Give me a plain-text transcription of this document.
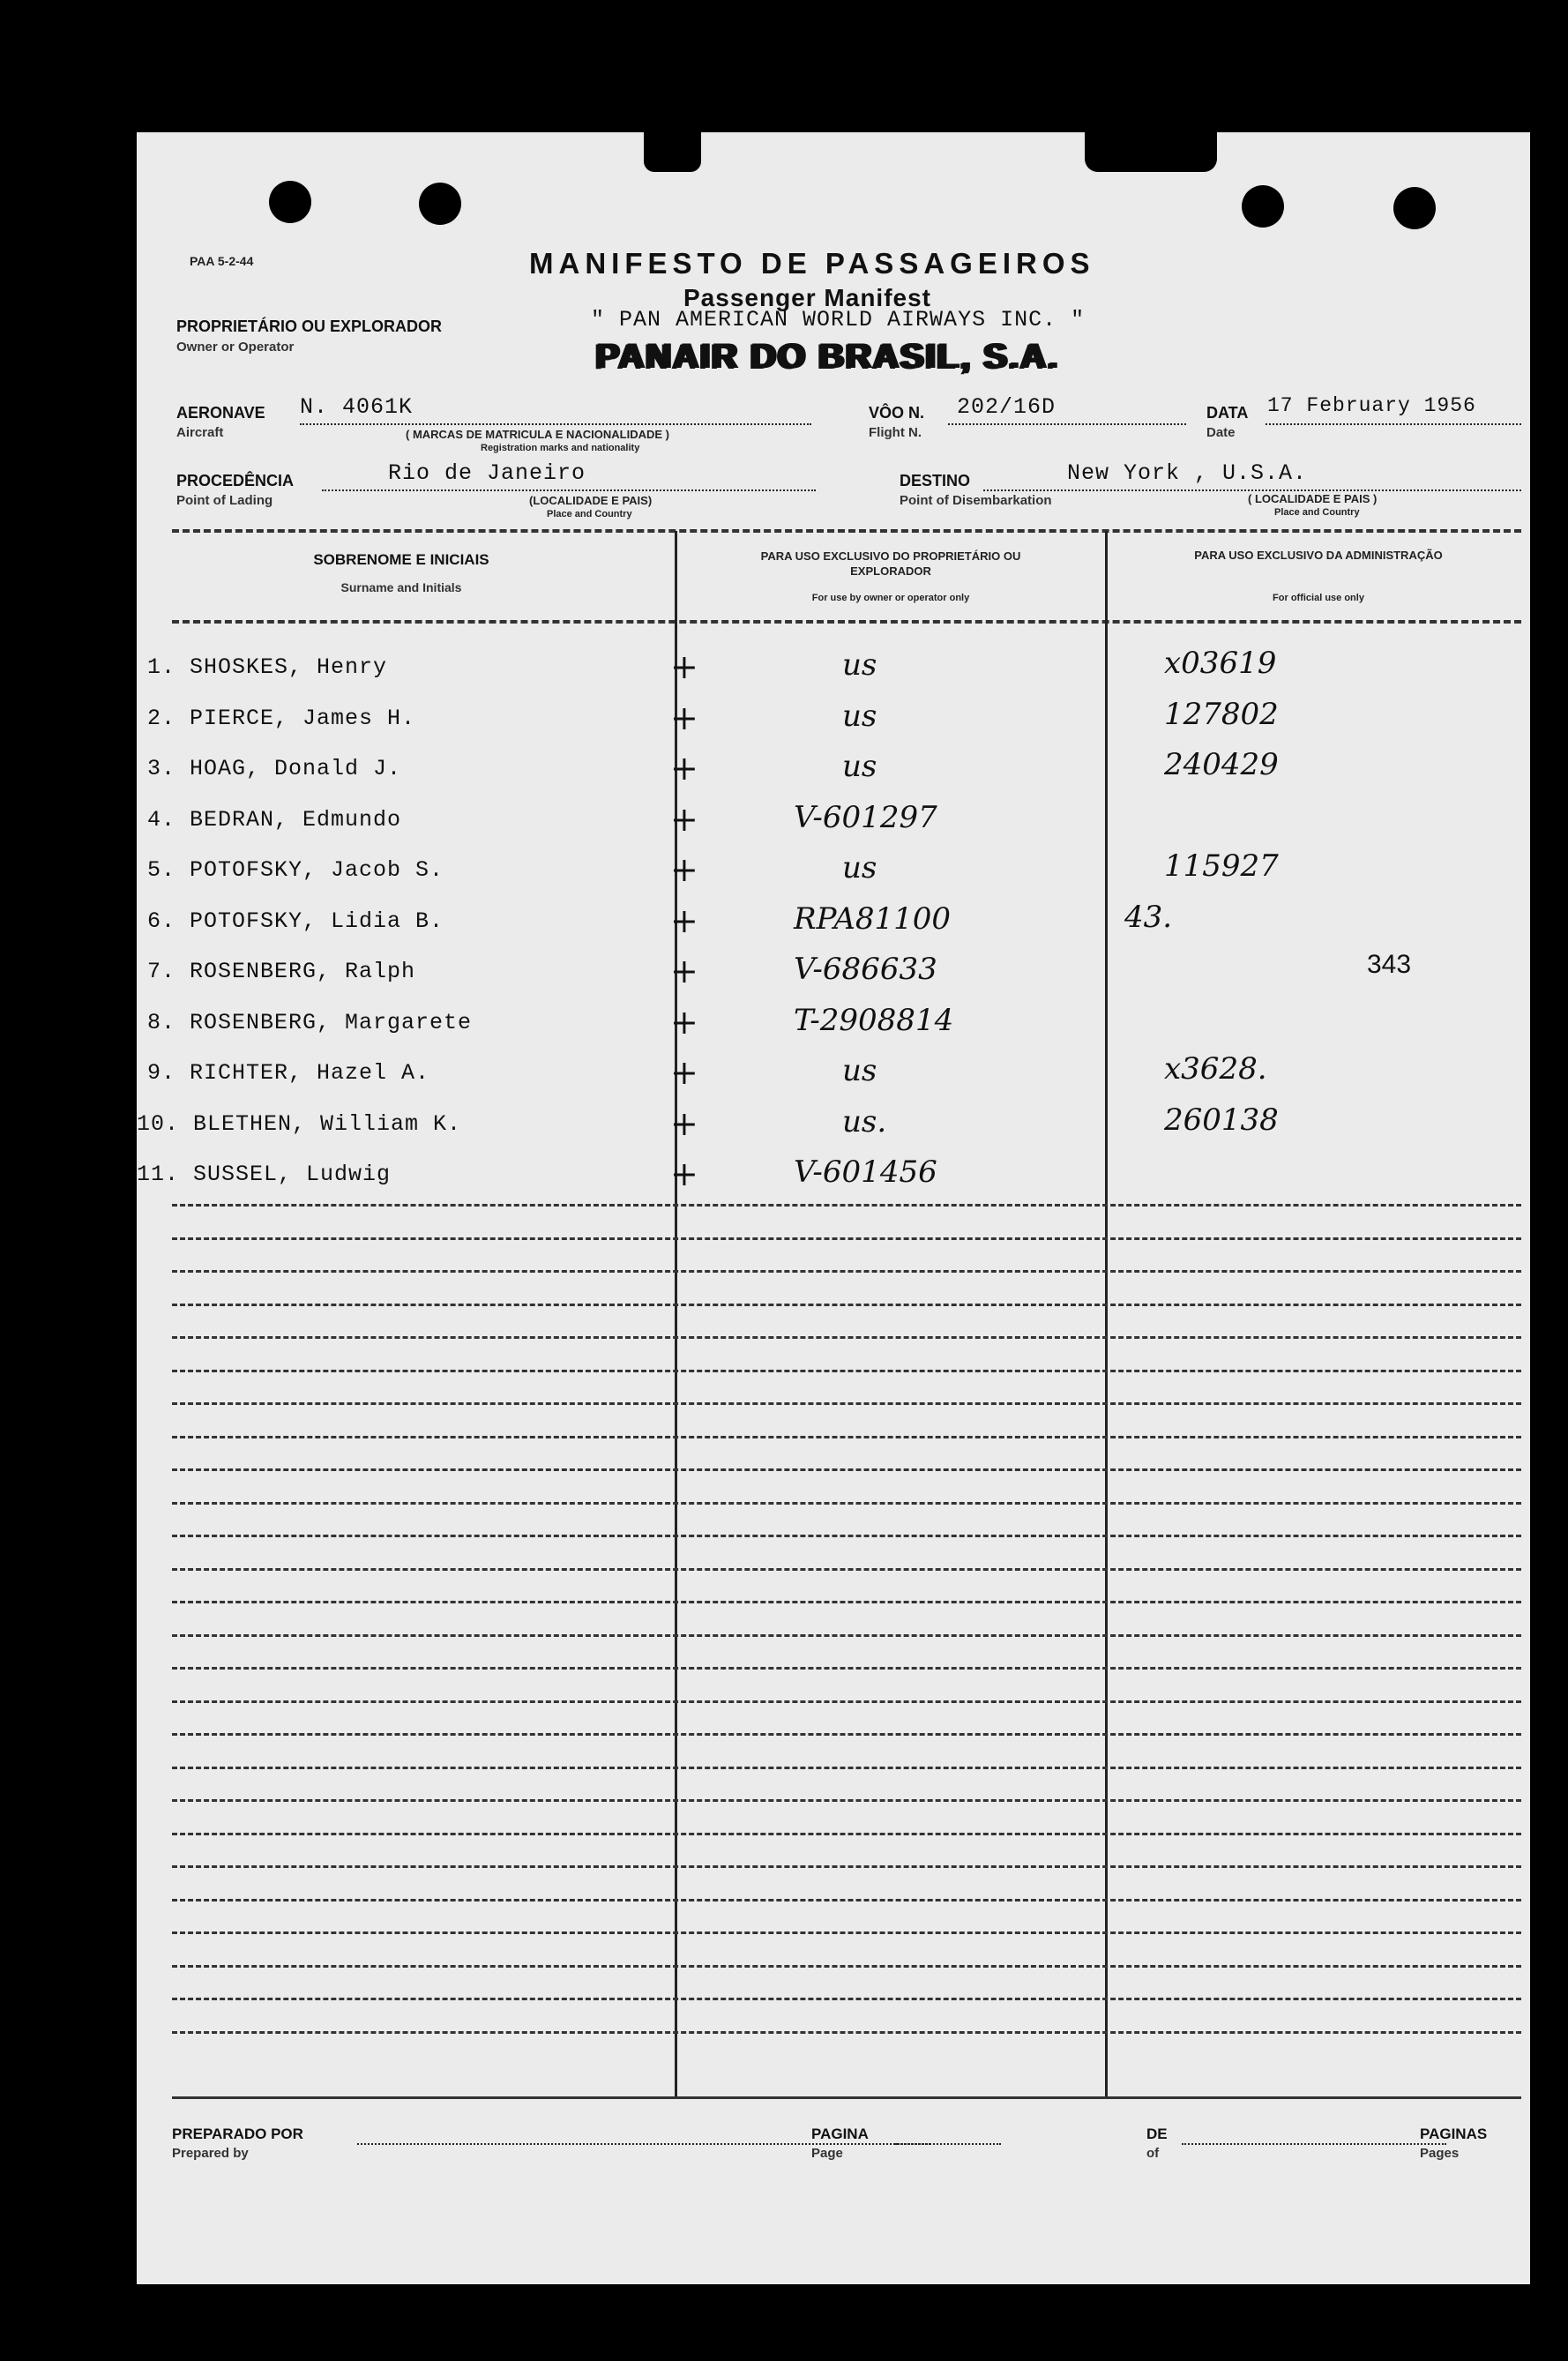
PAA 5-2-44	MANIFESTO DE PASSAGEIROS
Passenger Manifest
PROPRIETÁRIO OU EXPLORADOR
Owner or Operator
" PAN AMERICAN WORLD AIRWAYS INC. "
PANAIR DO BRASIL, S.A.
AERONAVE
Aircraft
N. 4061K
( MARCAS DE MATRICULA E NACIONALIDADE )
Registration marks and nationality
VÔO N.
Flight N.
202/16D	DATA
Date
17 February 1956
PROCEDÊNCIA
Point of Lading
Rio de Janeiro
(LOCALIDADE E PAIS)
Place and Country
DESTINO
Point of Disembarkation
New York , U.S.A.
( LOCALIDADE E PAIS )
Place and Country
SOBRENOME E INICIAIS
Surname and Initials
PARA USO EXCLUSIVO DO PROPRIETÁRIO OU EXPLORADOR
For use by owner or operator only
PARA USO EXCLUSIVO DA ADMINISTRAÇÃO
For official use only
1. SHOSKES, Henry	+	us	x03619
2. PIERCE, James H.	+	us	127802
3. HOAG, Donald J.	+	us	240429
4. BEDRAN, Edmundo	+	V-601297
5. POTOFSKY, Jacob S.	+	us	115927
6. POTOFSKY, Lidia B.	+	RPA81100	43.
7. ROSENBERG, Ralph	+	V-686633	343
8. ROSENBERG, Margarete	+	T-2908814
9. RICHTER, Hazel A.	+	us	x3628.
10. BLETHEN, William K.	+	us.	260138
11. SUSSEL, Ludwig	+	V-601456
PREPARADO POR
Prepared by
PAGINA
Page
DE
of
PAGINAS
Pages
